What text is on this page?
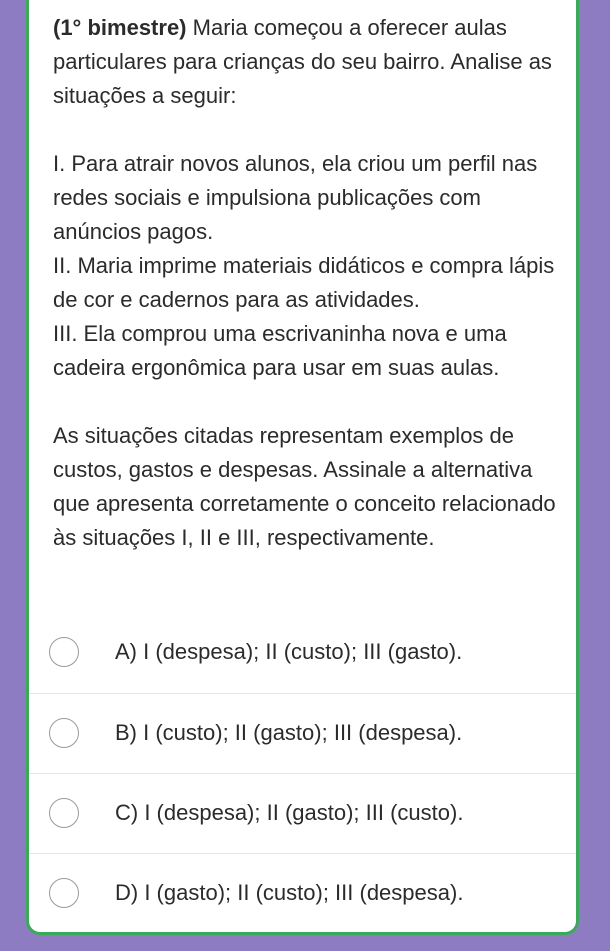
(1° bimestre) Maria começou a oferecer aulas particulares para crianças do seu bairro. Analise as situações a seguir:

I. Para atrair novos alunos, ela criou um perfil nas redes sociais e impulsiona publicações com anúncios pagos.

II. Maria imprime materiais didáticos e compra lápis de cor e cadernos para as atividades.

III. Ela comprou uma escrivaninha nova e uma cadeira ergonômica para usar em suas aulas.

As situações citadas representam exemplos de custos, gastos e despesas. Assinale a alternativa que apresenta corretamente o conceito relacionado às situações I, II e III, respectivamente.

A) I (despesa); II (custo); III (gasto).
B) I (custo); II (gasto); III (despesa).
C) I (despesa); II (gasto); III (custo).
D) I (gasto); II (custo); III (despesa).
